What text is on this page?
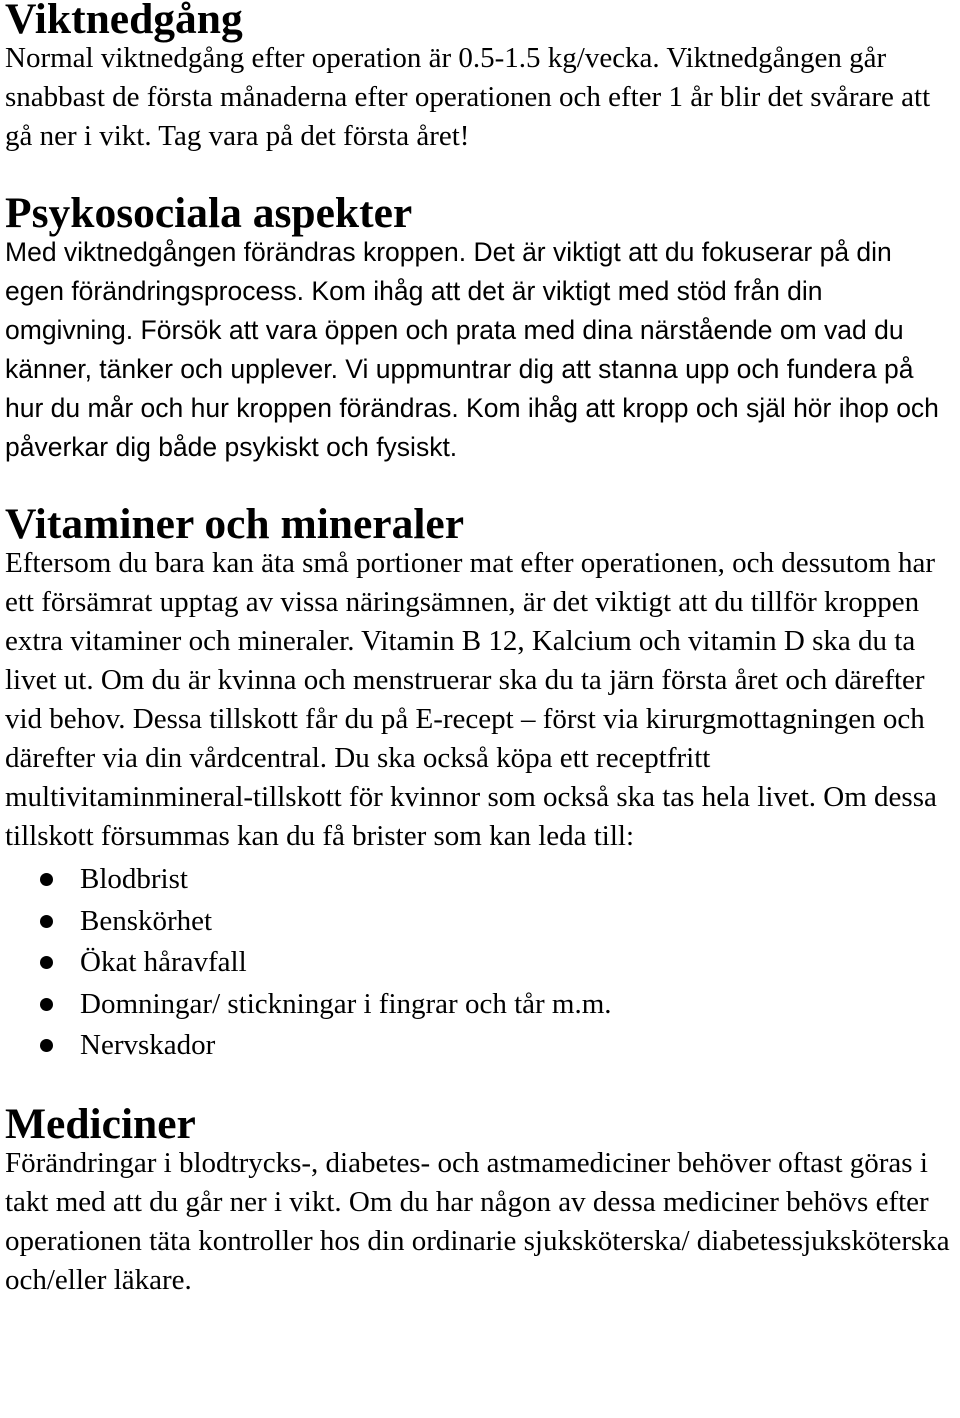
Viktnedgång

Normal viktnedgång efter operation är 0.5-1.5 kg/vecka. Viktnedgången går snabbast de första månaderna efter operationen och efter 1 år blir det svårare att gå ner i vikt. Tag vara på det första året!

Psykosociala aspekter

Med viktnedgången förändras kroppen. Det är viktigt att du fokuserar på din egen förändringsprocess. Kom ihåg att det är viktigt med stöd från din omgivning. Försök att vara öppen och prata med dina närstående om vad du känner, tänker och upplever. Vi uppmuntrar dig att stanna upp och fundera på hur du mår och hur kroppen förändras. Kom ihåg att kropp och själ hör ihop och påverkar dig både psykiskt och fysiskt.

Vitaminer och mineraler

Eftersom du bara kan äta små portioner mat efter operationen, och dessutom har ett försämrat upptag av vissa näringsämnen, är det viktigt att du tillför kroppen extra vitaminer och mineraler. Vitamin B 12, Kalcium och vitamin D ska du ta livet ut. Om du är kvinna och menstruerar ska du ta järn första året och därefter vid behov. Dessa tillskott får du på E-recept – först via kirurgmottagningen och därefter via din vårdcentral. Du ska också köpa ett receptfritt multivitaminmineral-tillskott för kvinnor som också ska tas hela livet. Om dessa tillskott försummas kan du få brister som kan leda till:

Blodbrist
Benskörhet
Ökat håravfall
Domningar/ stickningar i fingrar och tår m.m.
Nervskador
Mediciner

Förändringar i blodtrycks-, diabetes- och astmamediciner behöver oftast göras i takt med att du går ner i vikt. Om du har någon av dessa mediciner behövs efter operationen täta kontroller hos din ordinarie sjuksköterska/ diabetessjuksköterska och/eller läkare.
